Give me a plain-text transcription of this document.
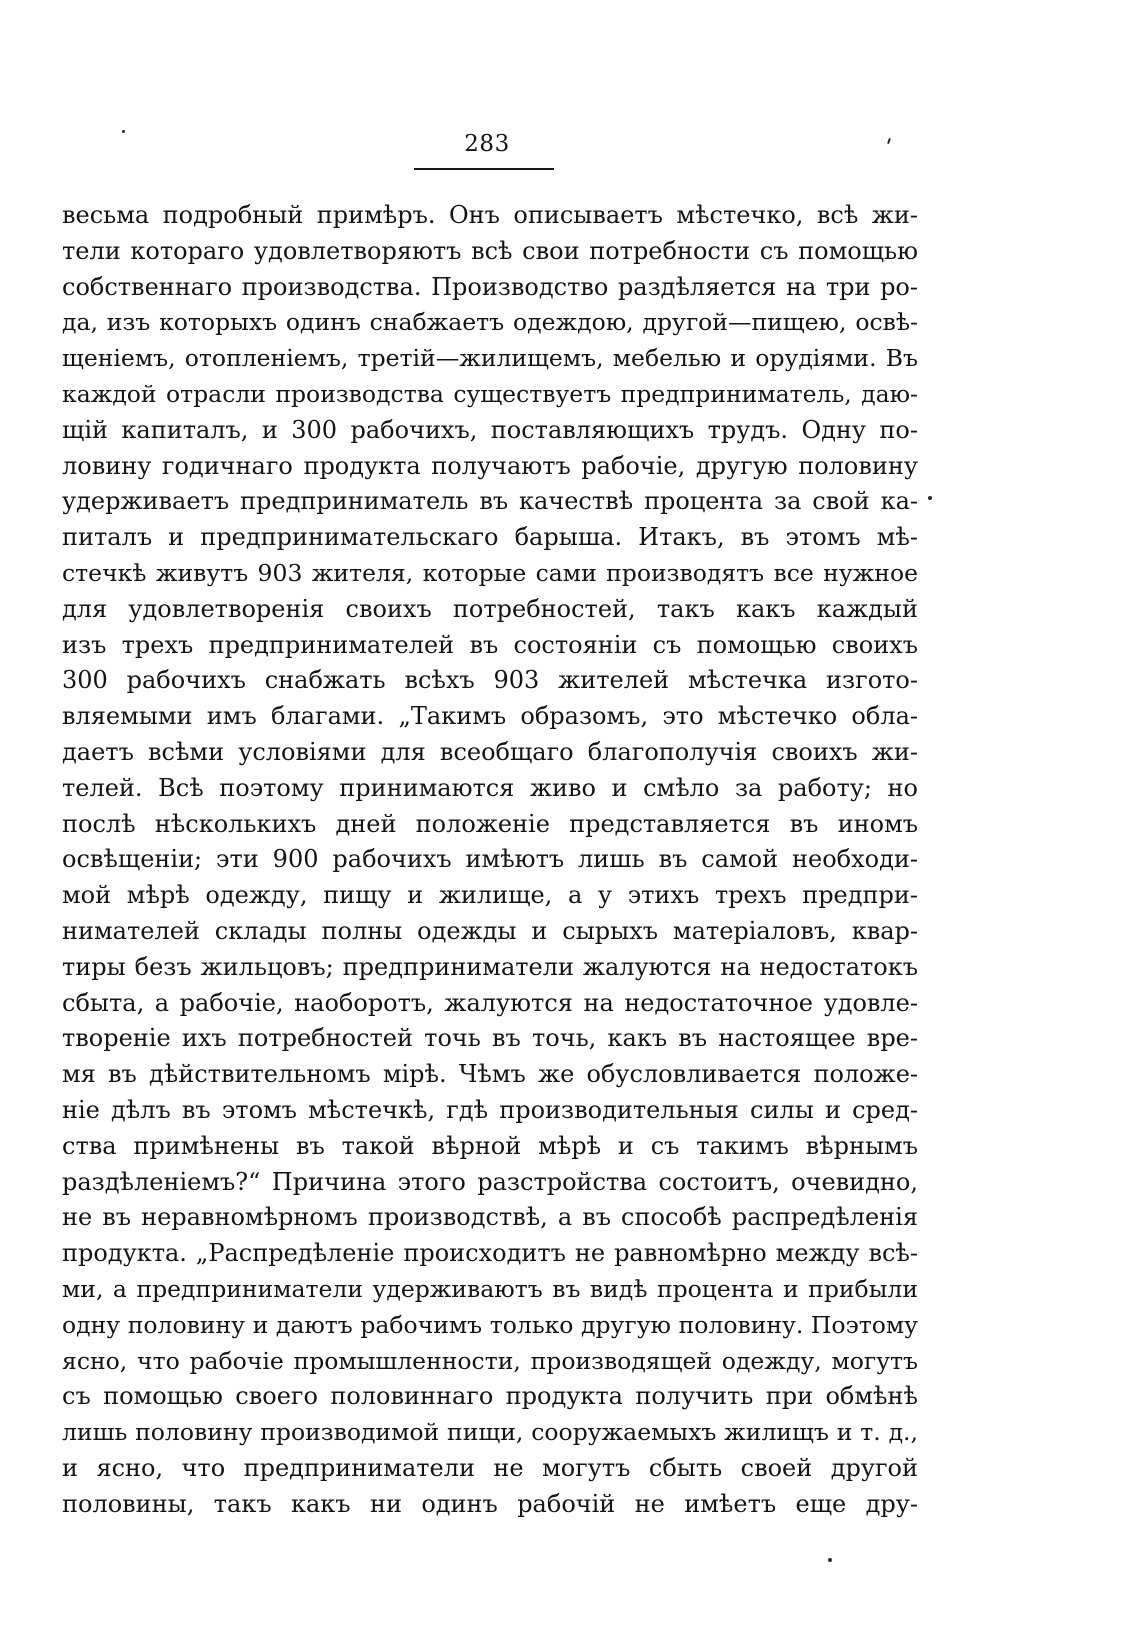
283
весьма подробный примѣръ. Онъ описываетъ мѣстечко, всѣ жи-
тели котораго удовлетворяютъ всѣ свои потребности съ помощью
собственнаго производства. Производство раздѣляется на три ро-
да, изъ которыхъ одинъ снабжаетъ одеждою, другой—пищею, освѣ-
щеніемъ, отопленіемъ, третій—жилищемъ, мебелью и орудіями. Въ
каждой отрасли производства существуетъ предприниматель, даю-
щій капиталъ, и 300 рабочихъ, поставляющихъ трудъ. Одну по-
ловину годичнаго продукта получаютъ рабочіе, другую половину
удерживаетъ предприниматель въ качествѣ процента за свой ка-
питалъ и предпринимательскаго барыша. Итакъ, въ этомъ мѣ-
стечкѣ живутъ 903 жителя, которые сами производятъ все нужное
для удовлетворенія своихъ потребностей, такъ какъ каждый
изъ трехъ предпринимателей въ состояніи съ помощью своихъ
300 рабочихъ снабжать всѣхъ 903 жителей мѣстечка изгото-
вляемыми имъ благами. „Такимъ образомъ, это мѣстечко обла-
даетъ всѣми условіями для всеобщаго благополучія своихъ жи-
телей. Всѣ поэтому принимаются живо и смѣло за работу; но
послѣ нѣсколькихъ дней положеніе представляется въ иномъ
освѣщеніи; эти 900 рабочихъ имѣютъ лишь въ самой необходи-
мой мѣрѣ одежду, пищу и жилище, а у этихъ трехъ предпри-
нимателей склады полны одежды и сырыхъ матеріаловъ, квар-
тиры безъ жильцовъ; предприниматели жалуются на недостатокъ
сбыта, а рабочіе, наоборотъ, жалуются на недостаточное удовле-
твореніе ихъ потребностей точь въ точь, какъ въ настоящее вре-
мя въ дѣйствительномъ мірѣ. Чѣмъ же обусловливается положе-
ніе дѣлъ въ этомъ мѣстечкѣ, гдѣ производительныя силы и сред-
ства примѣнены въ такой вѣрной мѣрѣ и съ такимъ вѣрнымъ
раздѣленіемъ?“ Причина этого разстройства состоитъ, очевидно,
не въ неравномѣрномъ производствѣ, а въ способѣ распредѣленія
продукта. „Распредѣленіе происходитъ не равномѣрно между всѣ-
ми, а предприниматели удерживаютъ въ видѣ процента и прибыли
одну половину и даютъ рабочимъ только другую половину. Поэтому
ясно, что рабочіе промышленности, производящей одежду, могутъ
съ помощью своего половиннаго продукта получить при обмѣнѣ
лишь половину производимой пищи, сооружаемыхъ жилищъ и т. д.,
и ясно, что предприниматели не могутъ сбыть своей другой
половины, такъ какъ ни одинъ рабочій не имѣетъ еще дру-
